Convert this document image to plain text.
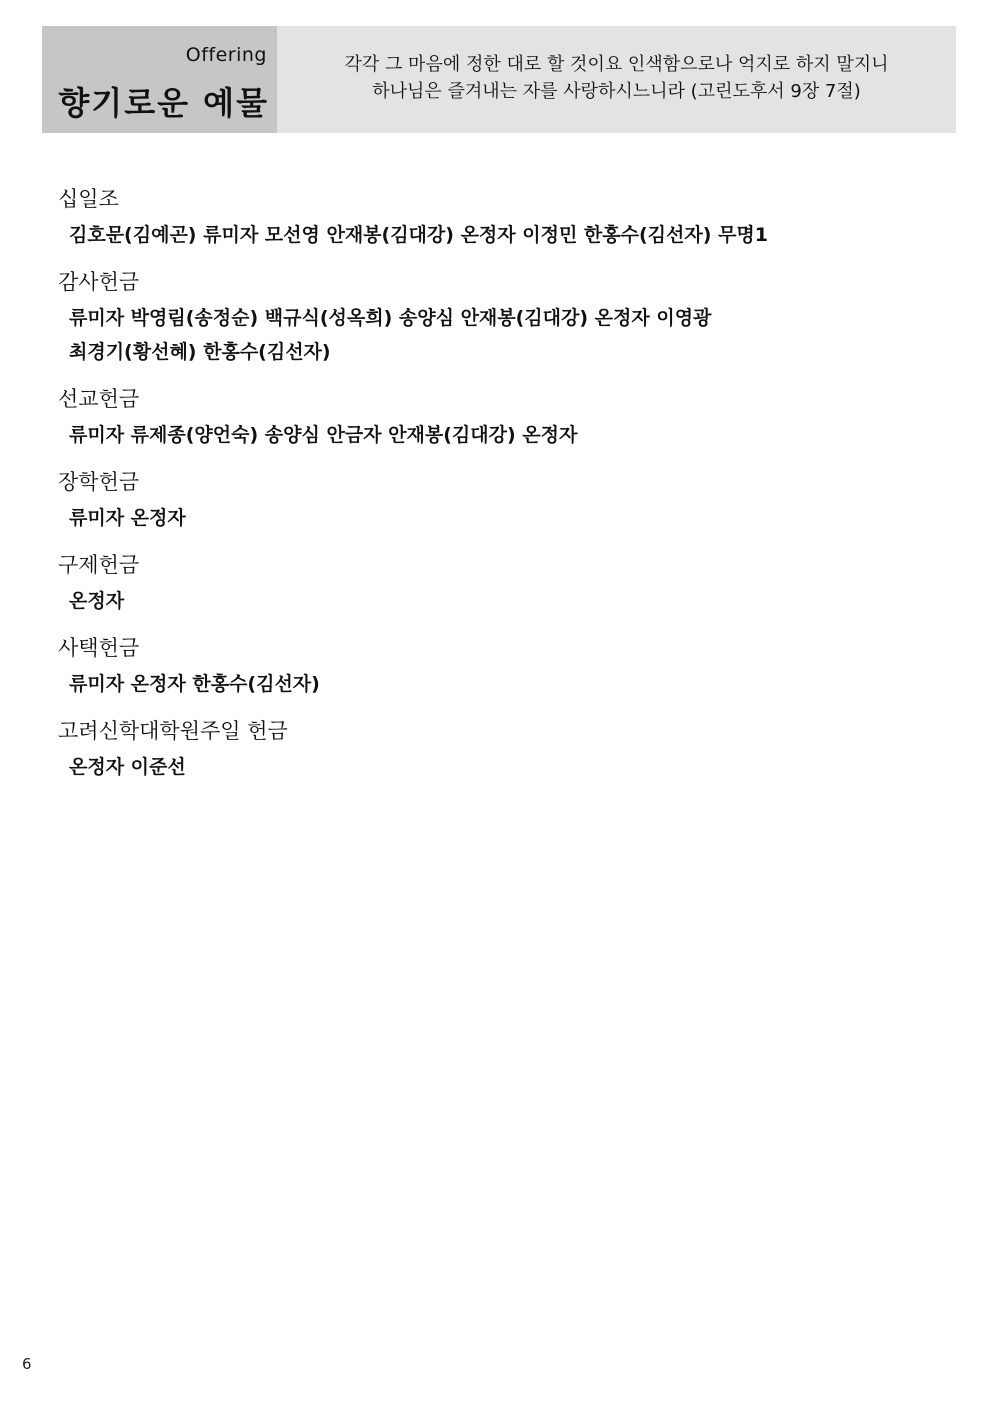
Offering
향기로운 예물
각각 그 마음에 정한 대로 할 것이요 인색함으로나 억지로 하지 말지니
하나님은 즐겨내는 자를 사랑하시느니라 (고린도후서 9장 7절)
십일조
김호문(김예곤) 류미자 모선영 안재봉(김대강) 온정자 이정민 한홍수(김선자) 무명1
감사헌금
류미자 박영림(송정순) 백규식(성옥희) 송양심 안재봉(김대강) 온정자 이영광
최경기(황선혜) 한홍수(김선자)
선교헌금
류미자 류제종(양언숙) 송양심 안금자 안재봉(김대강) 온정자
장학헌금
류미자 온정자
구제헌금
온정자
사택헌금
류미자 온정자 한홍수(김선자)
고려신학대학원주일 헌금
온정자 이준선
6
